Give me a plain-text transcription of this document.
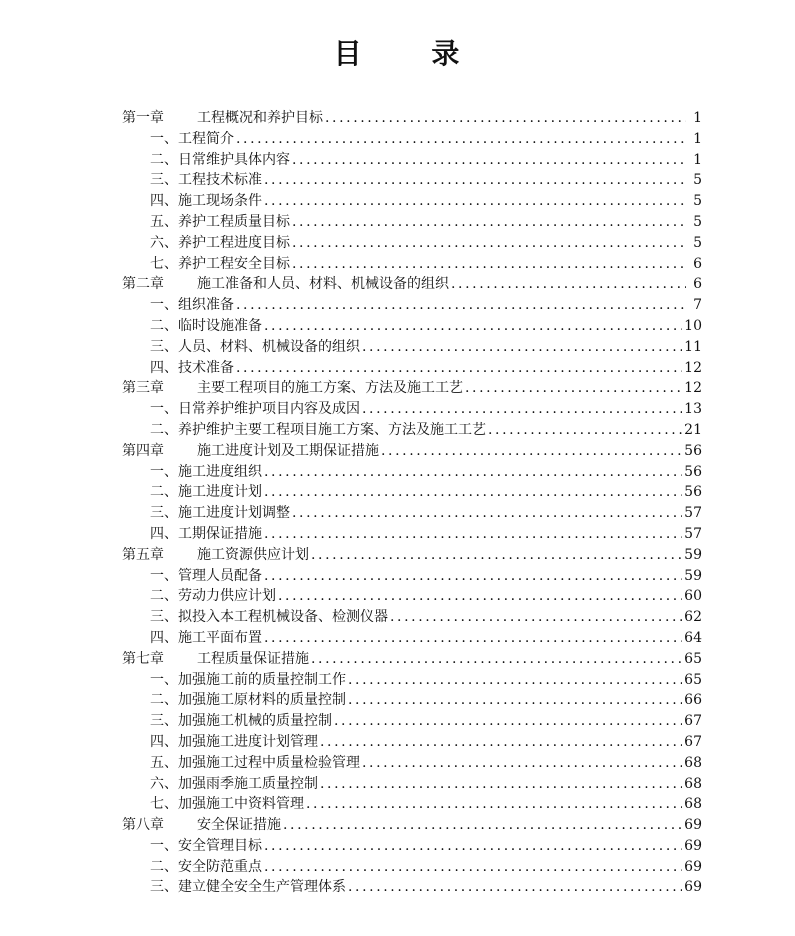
目 录
第一章 工程概况和养护目标 .....	1
一、工程简介 .....	1
二、日常维护具体内容 .....	1
三、工程技术标准 .....	5
四、施工现场条件 .....	5
五、养护工程质量目标 .....	5
六、养护工程进度目标 .....	5
七、养护工程安全目标 .....	6
第二章 施工准备和人员、材料、机械设备的组织 .....	6
一、组织准备 .....	7
二、临时设施准备 .....	10
三、人员、材料、机械设备的组织 .....	11
四、技术准备 .....	12
第三章 主要工程项目的施工方案、方法及施工工艺 .....	12
一、日常养护维护项目内容及成因 .....	13
二、养护维护主要工程项目施工方案、方法及施工工艺 .....	21
第四章 施工进度计划及工期保证措施 .....	56
一、施工进度组织 .....	56
二、施工进度计划 .....	56
三、施工进度计划调整 .....	57
四、工期保证措施 .....	57
第五章 施工资源供应计划 .....	59
一、管理人员配备 .....	59
二、劳动力供应计划 .....	60
三、拟投入本工程机械设备、检测仪器 .....	62
四、施工平面布置 .....	64
第七章 工程质量保证措施 .....	65
一、加强施工前的质量控制工作 .....	65
二、加强施工原材料的质量控制 .....	66
三、加强施工机械的质量控制 .....	67
四、加强施工进度计划管理 .....	67
五、加强施工过程中质量检验管理 .....	68
六、加强雨季施工质量控制 .....	68
七、加强施工中资料管理 .....	68
第八章 安全保证措施 .....	69
一、安全管理目标 .....	69
二、安全防范重点 .....	69
三、建立健全安全生产管理体系 .....	69
